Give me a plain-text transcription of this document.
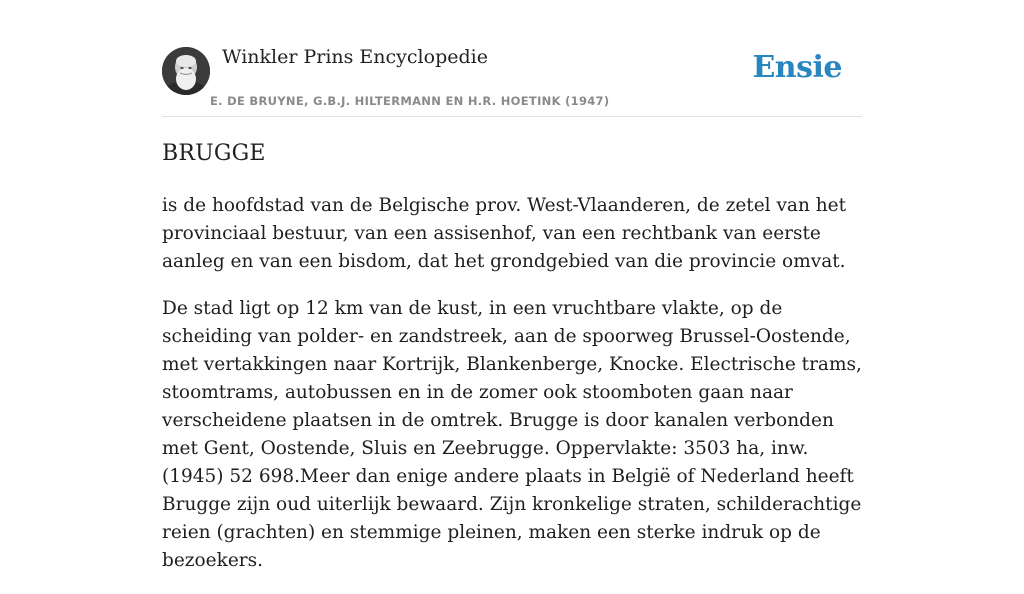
Winkler Prins Encyclopedie
E. DE BRUYNE, G.B.J. HILTERMANN EN H.R. HOETINK (1947)
Ensie
BRUGGE

is de hoofdstad van de Belgische prov. West-Vlaanderen, de zetel van het provinciaal bestuur, van een assisenhof, van een rechtbank van eerste aanleg en van een bisdom, dat het grondgebied van die provincie omvat.

De stad ligt op 12 km van de kust, in een vruchtbare vlakte, op de scheiding van polder- en zandstreek, aan de spoorweg Brussel-Oostende, met vertakkingen naar Kortrijk, Blankenberge, Knocke. Electrische trams, stoomtrams, autobussen en in de zomer ook stoomboten gaan naar verscheidene plaatsen in de omtrek. Brugge is door kanalen verbonden met Gent, Oostende, Sluis en Zeebrugge. Oppervlakte: 3503 ha, inw. (1945) 52 698.Meer dan enige andere plaats in België of Nederland heeft Brugge zijn oud uiterlijk bewaard. Zijn kronkelige straten, schilderachtige reien (grachten) en stemmige pleinen, maken een sterke indruk op de bezoekers.
